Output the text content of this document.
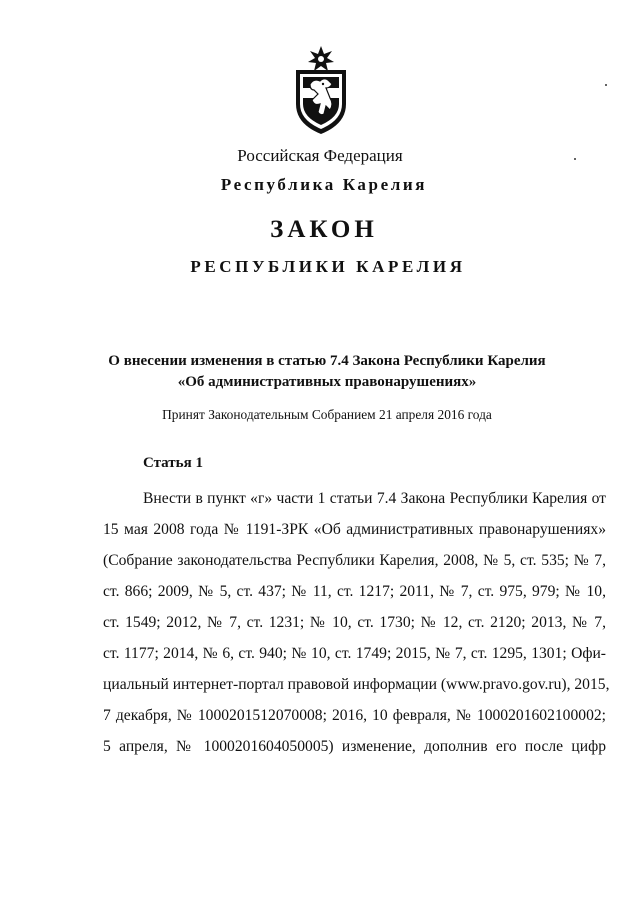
Российская Федерация
Республика Карелия
ЗАКОН
РЕСПУБЛИКИ КАРЕЛИЯ
О внесении изменения в статью 7.4 Закона Республики Карелия
«Об административных правонарушениях»
Принят Законодательным Собранием 21 апреля 2016 года
Статья 1
Внести в пункт «г» части 1 статьи 7.4 Закона Республики Карелия от
15 мая 2008 года № 1191-ЗРК «Об административных правонарушениях»
(Собрание законодательства Республики Карелия, 2008, № 5, ст. 535; № 7,
ст. 866; 2009, № 5, ст. 437; № 11, ст. 1217; 2011, № 7, ст. 975, 979; № 10,
ст. 1549; 2012, № 7, ст. 1231; № 10, ст. 1730; № 12, ст. 2120; 2013, № 7,
ст. 1177; 2014, № 6, ст. 940; № 10, ст. 1749; 2015, № 7, ст. 1295, 1301; Офи-
циальный интернет-портал правовой информации (www.pravo.gov.ru), 2015,
7 декабря, № 1000201512070008; 2016, 10 февраля, № 1000201602100002;
5 апреля, № 1000201604050005) изменение, дополнив его после цифр
